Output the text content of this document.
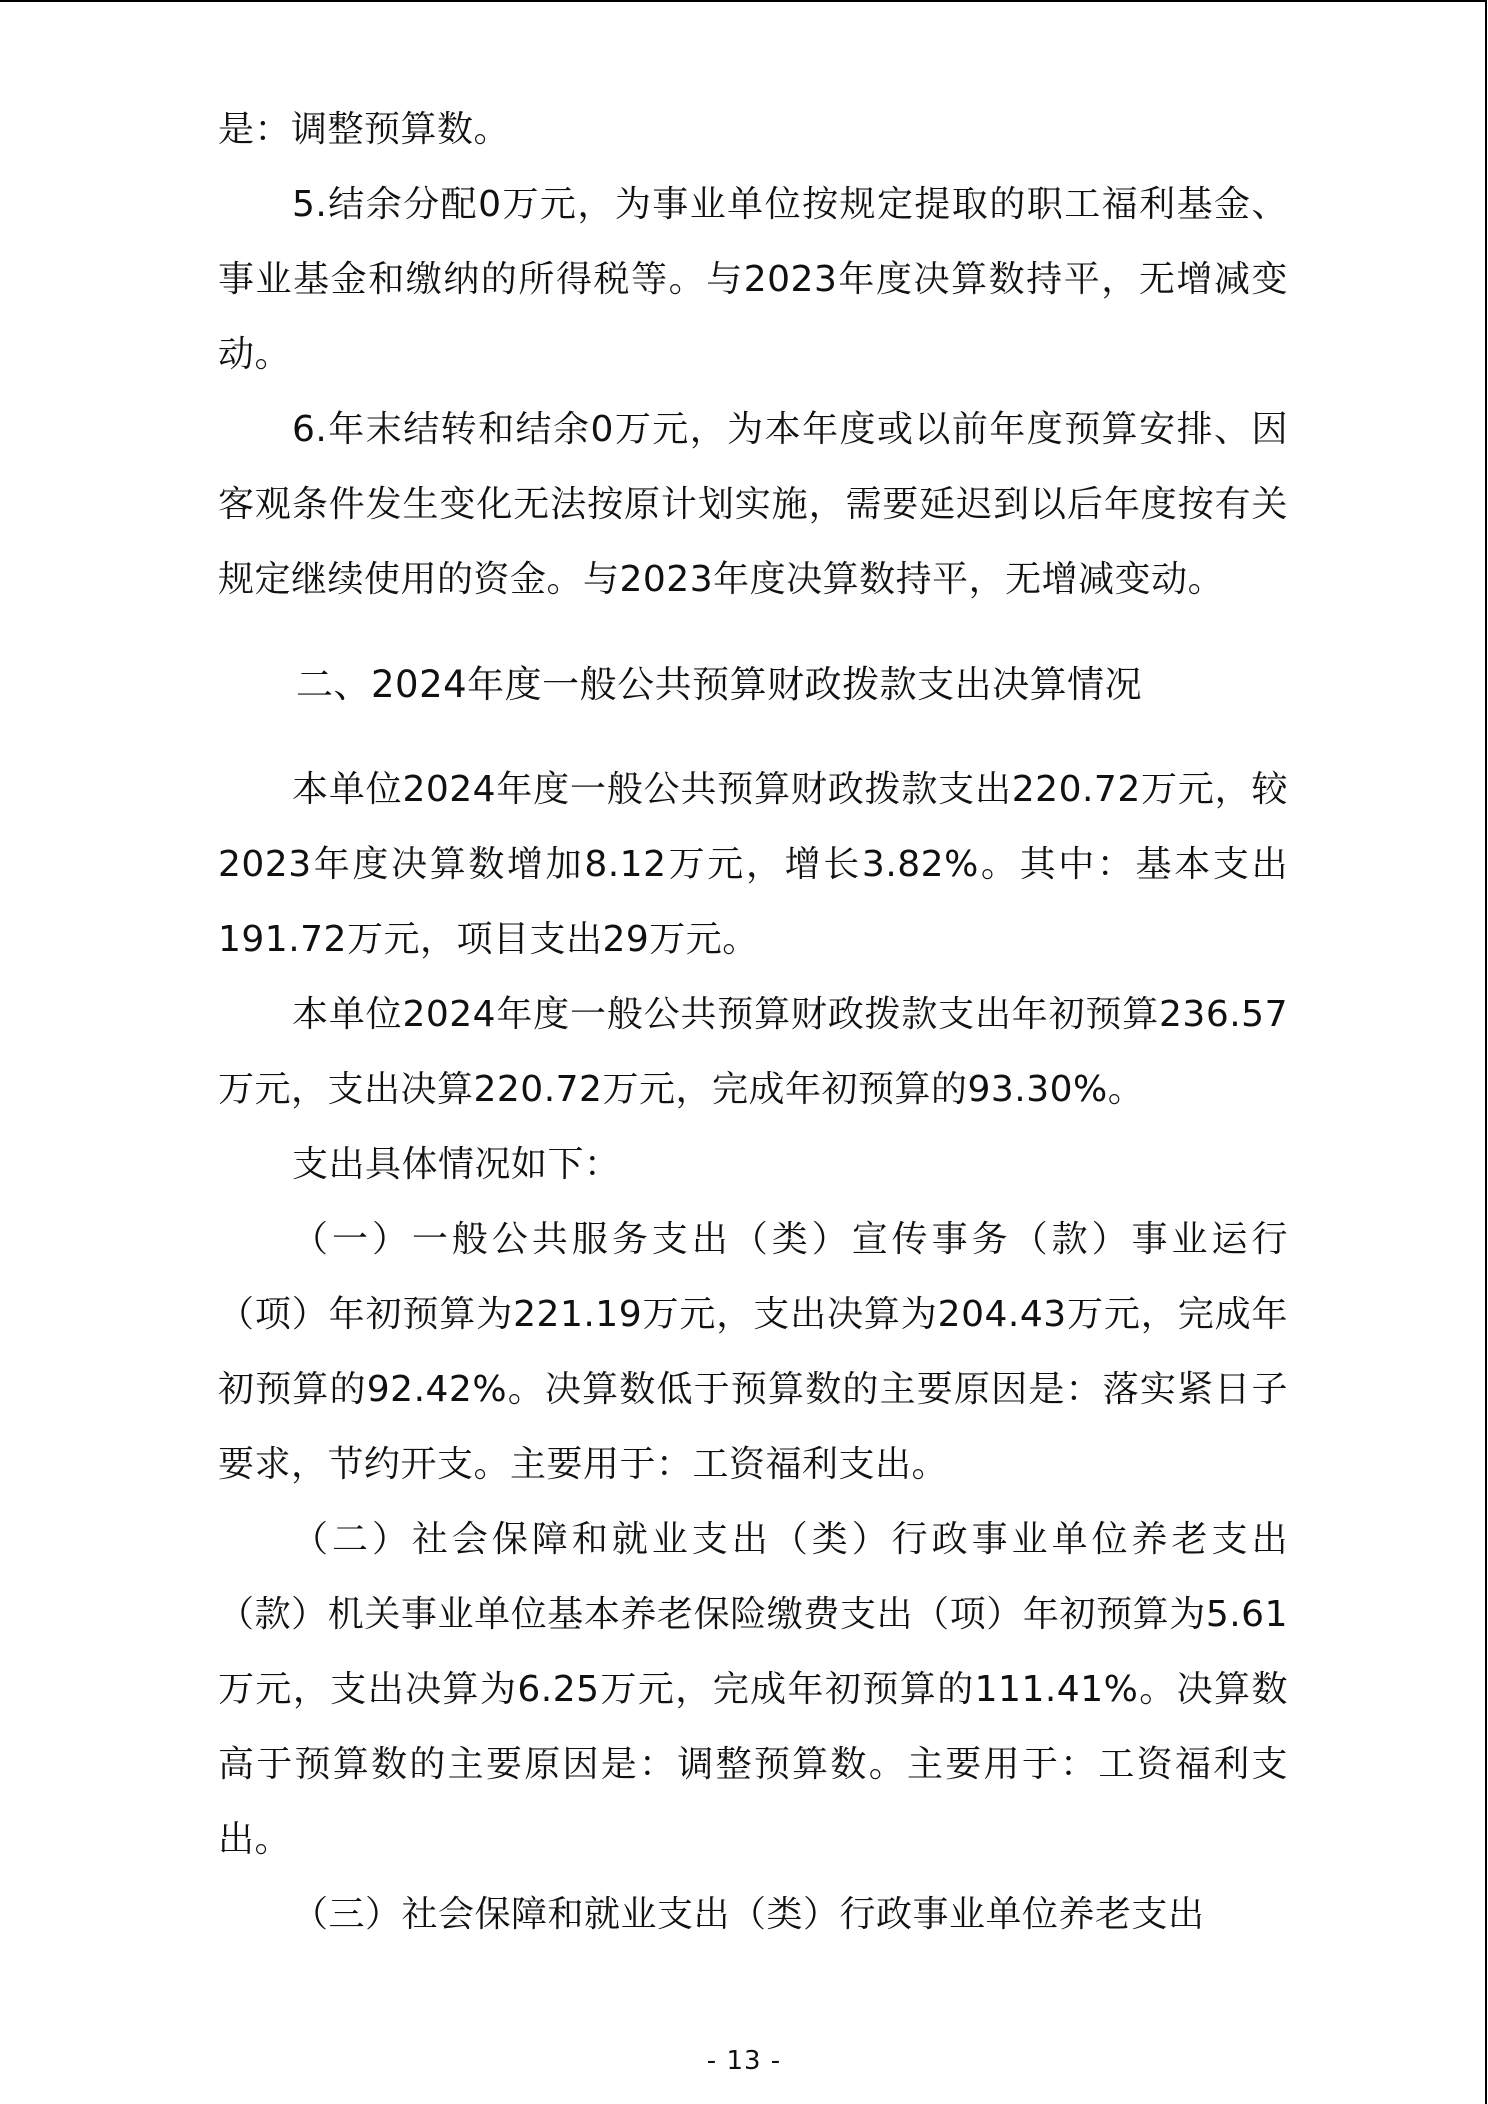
是：调整预算数。

5.结余分配0万元，为事业单位按规定提取的职工福利基金、事业基金和缴纳的所得税等。与2023年度决算数持平，无增减变动。

6.年末结转和结余0万元，为本年度或以前年度预算安排、因客观条件发生变化无法按原计划实施，需要延迟到以后年度按有关规定继续使用的资金。与2023年度决算数持平，无增减变动。

二、2024年度一般公共预算财政拨款支出决算情况

本单位2024年度一般公共预算财政拨款支出220.72万元，较2023年度决算数增加8.12万元，增长3.82%。其中：基本支出191.72万元，项目支出29万元。

本单位2024年度一般公共预算财政拨款支出年初预算236.57万元，支出决算220.72万元，完成年初预算的93.30%。

支出具体情况如下：

（一）一般公共服务支出（类）宣传事务（款）事业运行（项）年初预算为221.19万元，支出决算为204.43万元，完成年初预算的92.42%。决算数低于预算数的主要原因是：落实紧日子要求，节约开支。主要用于：工资福利支出。

（二）社会保障和就业支出（类）行政事业单位养老支出（款）机关事业单位基本养老保险缴费支出（项）年初预算为5.61万元，支出决算为6.25万元，完成年初预算的111.41%。决算数高于预算数的主要原因是：调整预算数。主要用于：工资福利支出。

（三）社会保障和就业支出（类）行政事业单位养老支出

- 13 -
